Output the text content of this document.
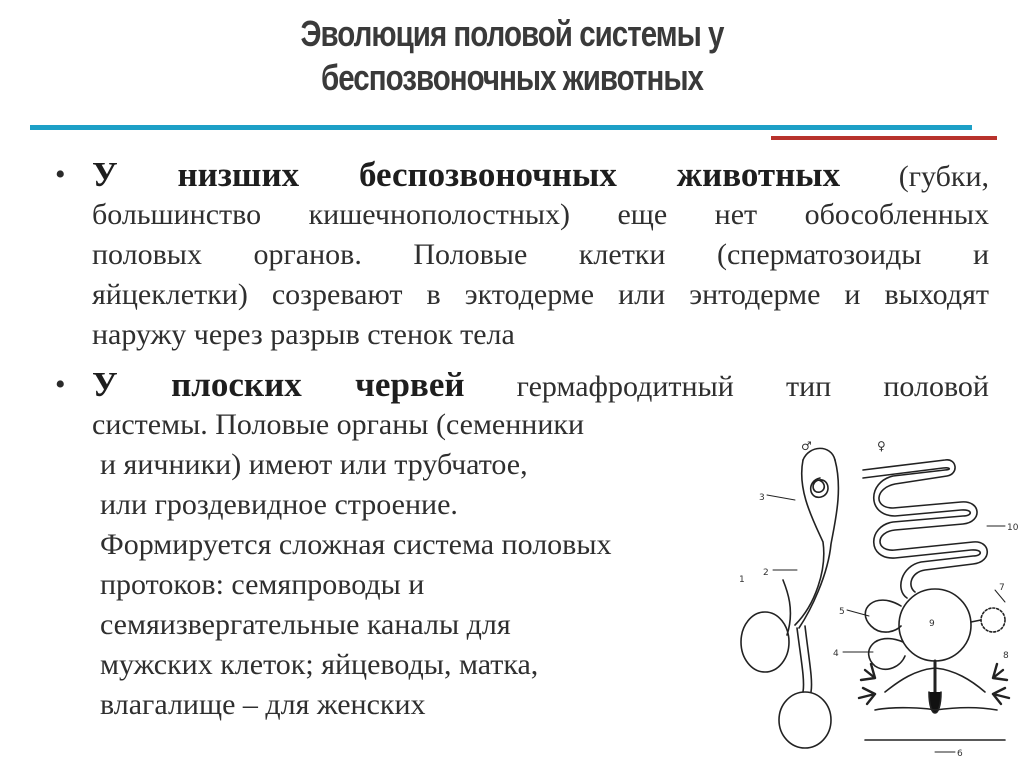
Эволюция половой системы у
беспозвоночных животных
• У низших беспозвоночных животных (губки,
большинство кишечнополостных) еще нет обособленных
половых органов. Половые клетки (сперматозоиды и
яйцеклетки) созревают в эктодерме или энтодерме и выходят
наружу через разрыв стенок тела
• У плоских червей гермафродитный тип половой
системы. Половые органы (семенники
и яичники) имеют или трубчатое,
или гроздевидное строение.
Формируется сложная система половых
протоков: семяпроводы и
семяизвергательные каналы для
мужских клеток; яйцеводы, матка,
влагалище – для женских
♂	♀
1
2
3
4
5
6
7
8
9
10
